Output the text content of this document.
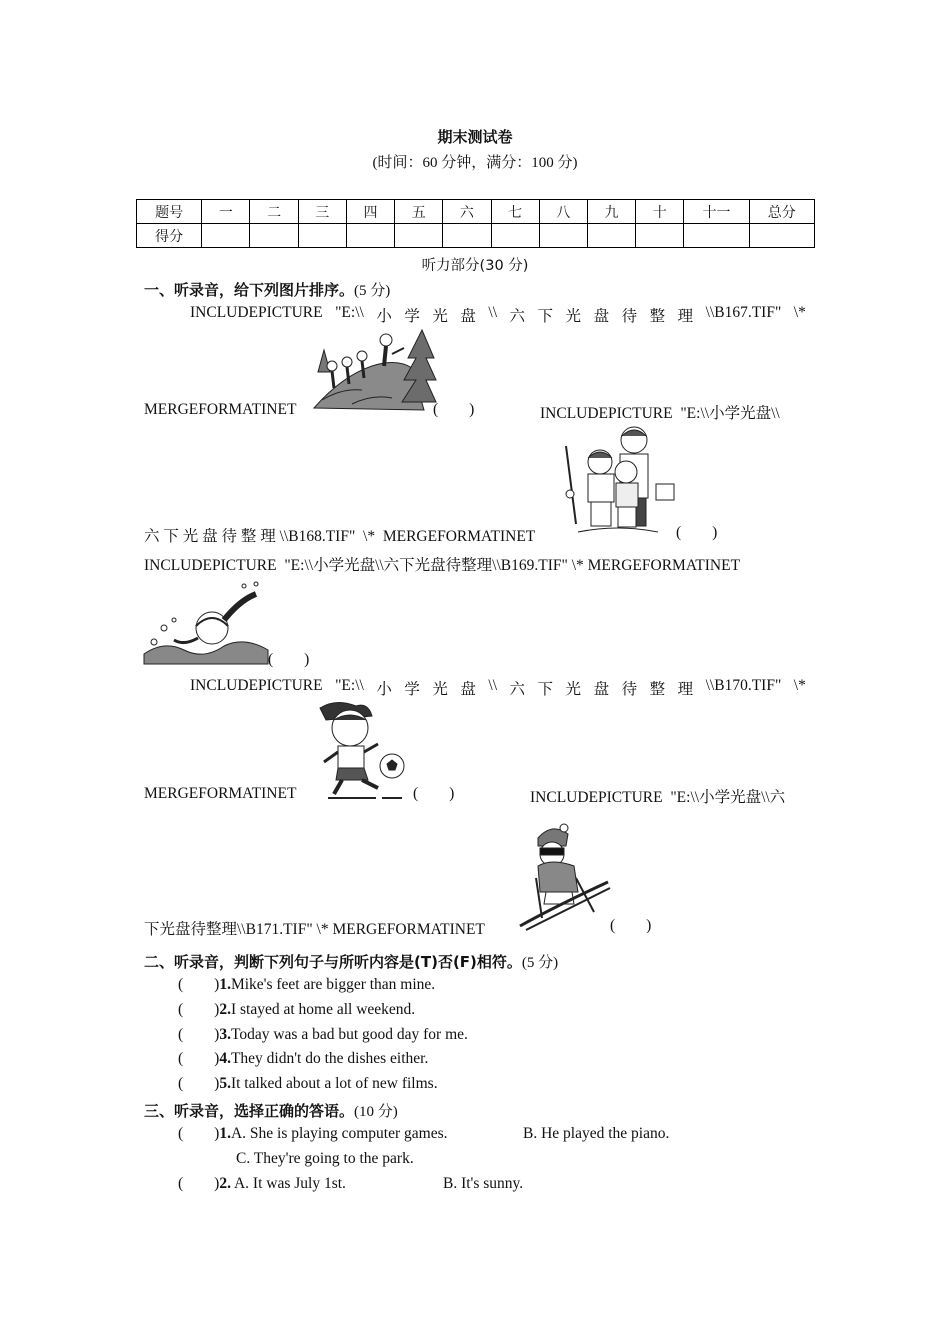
期末测试卷
(时间：60 分钟，满分：100 分)
题号	一	二	三	四	五	六	七	八	九	十	十一	总分
得分												
听力部分(30 分)
一、听录音，给下列图片排序。(5 分)
INCLUDEPICTURE "E:\\ 小 学 光 盘 \\ 六 下 光 盘 待 整 理 \\B167.TIF" \*
MERGEFORMATINET	(        )	INCLUDEPICTURE  "E:\\小学光盘\\
六 下 光 盘 待 整 理 \\B168.TIF"  \*  MERGEFORMATINET	(        )
INCLUDEPICTURE  "E:\\小学光盘\\六下光盘待整理\\B169.TIF" \* MERGEFORMATINET
(        )
INCLUDEPICTURE "E:\\ 小 学 光 盘 \\ 六 下 光 盘 待 整 理 \\B170.TIF" \*
MERGEFORMATINET	(        )	INCLUDEPICTURE  "E:\\小学光盘\\六
下光盘待整理\\B171.TIF" \* MERGEFORMATINET	(        )
二、听录音，判断下列句子与所听内容是(T)否(F)相符。(5 分)
(        )1.Mike's feet are bigger than mine.
(        )2.I stayed at home all weekend.
(        )3.Today was a bad but good day for me.
(        )4.They didn't do the dishes either.
(        )5.It talked about a lot of new films.
三、听录音，选择正确的答语。(10 分)
(        )1.A. She is playing computer games.	B. He played the piano.
C. They're going to the park.
(        )2. A. It was July 1st.	B. It's sunny.
